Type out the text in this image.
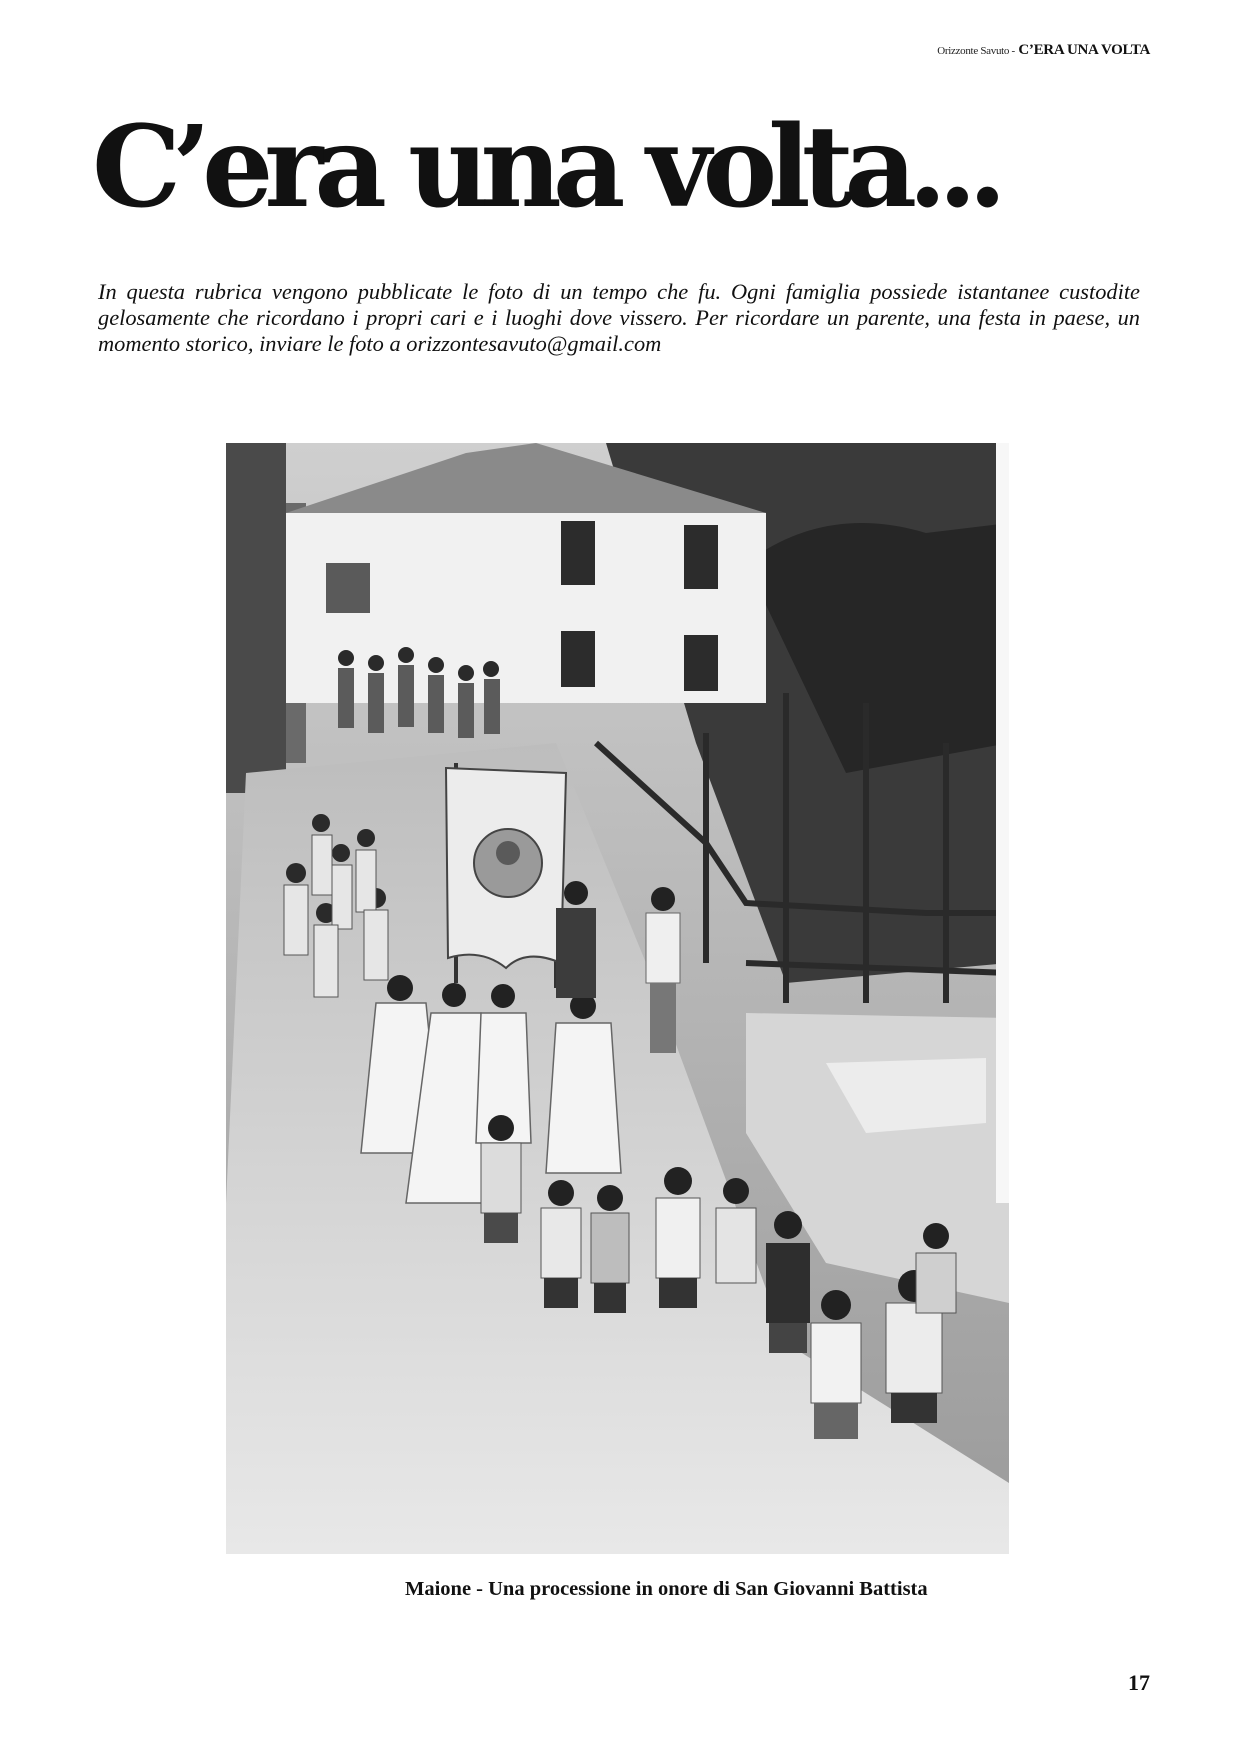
Orizzonte Savuto - C’ERA UNA VOLTA
C’era una volta...

In questa rubrica vengono pubblicate le foto di un tempo che fu. Ogni famiglia possiede istantanee custodite gelosamente che ricordano i propri cari e i luoghi dove vissero. Per ricordare un parente, una festa in paese, un momento storico, inviare le foto a orizzontesavuto@gmail.com

Maione - Una processione in onore di San Giovanni Battista
17
